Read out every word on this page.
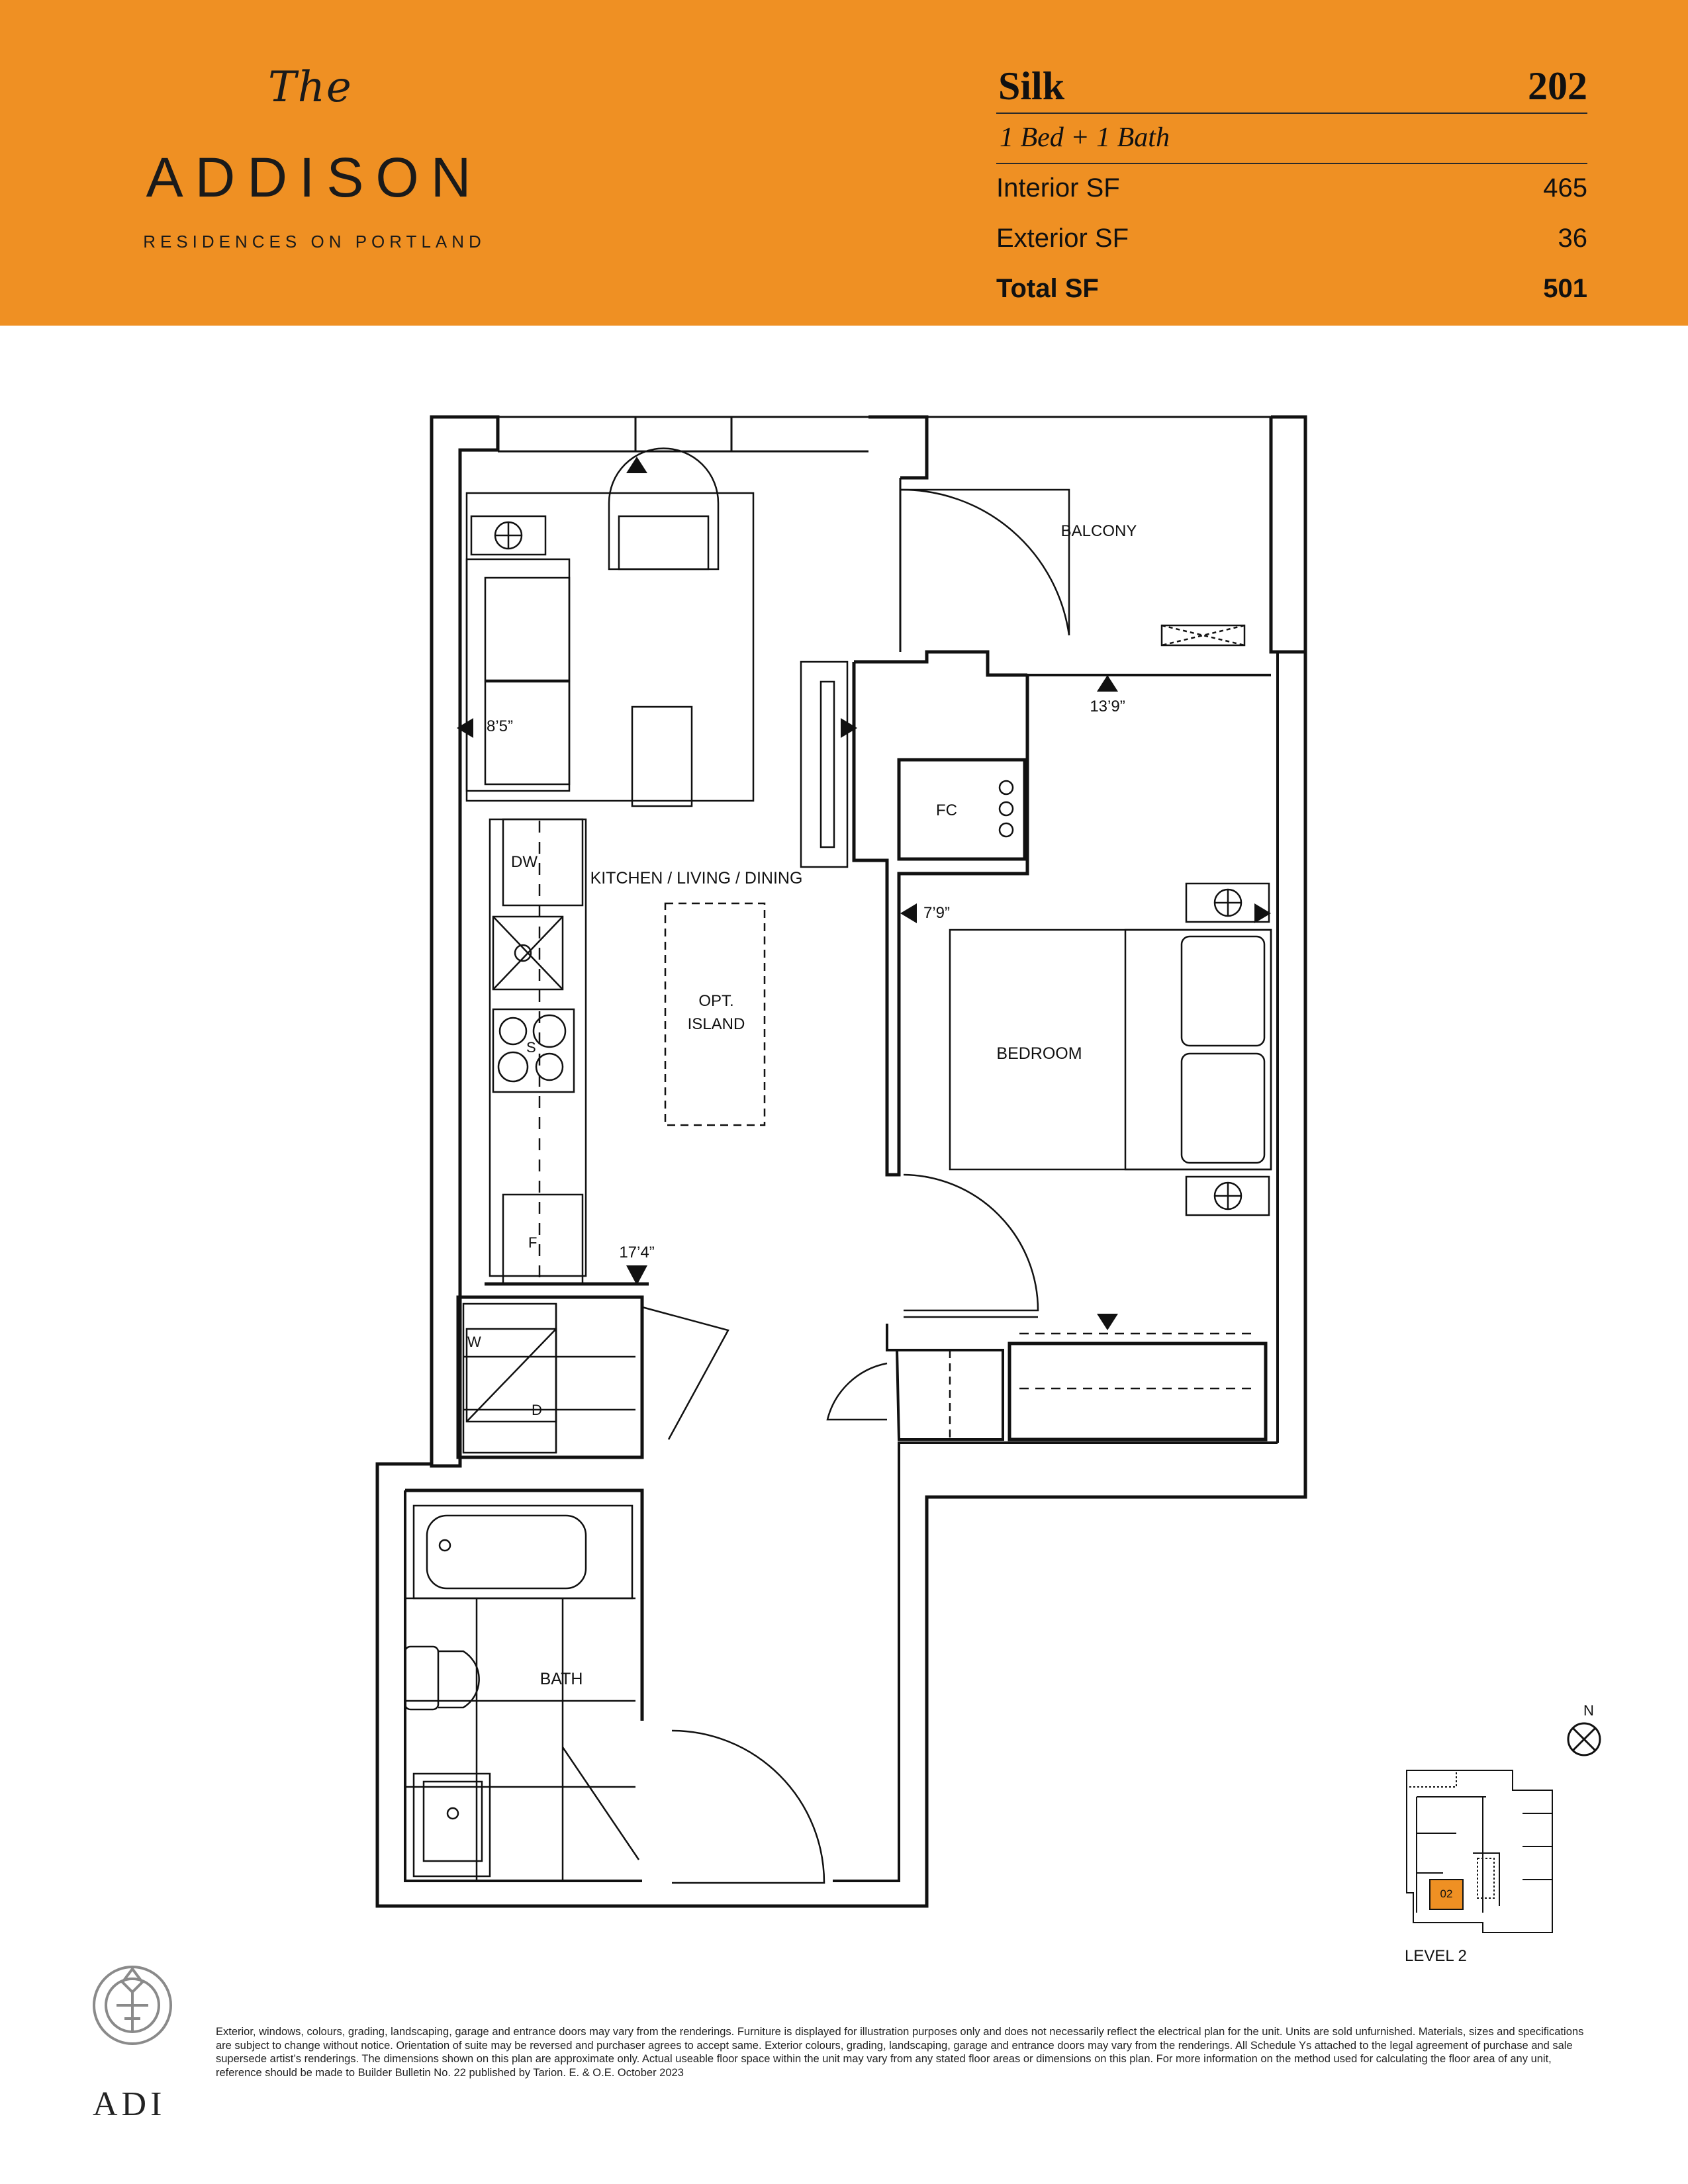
The
ADDISON
RESIDENCES ON PORTLAND
Silk	202
1 Bed + 1 Bath
Interior SF	465
Exterior SF	36
Total SF	501
BALCONY
KITCHEN / LIVING / DINING
OPT.
ISLAND
BEDROOM
BATH
8’5”
13’9”
7’9”
17’4”
DW
S
F
W
D
FC
N
02
ADI
LEVEL 2
Exterior, windows, colours, grading, landscaping, garage and entrance doors may vary from the renderings. Furniture is displayed for illustration purposes only and does not necessarily reflect the electrical plan for the unit. Units are sold unfurnished. Materials, sizes and specifications are subject to change without notice. Orientation of suite may be reversed and purchaser agrees to accept same. Exterior colours, grading, landscaping, garage and entrance doors may vary from the renderings. All Schedule Ys attached to the legal agreement of purchase and sale supersede artist’s renderings. The dimensions shown on this plan are approximate only. Actual useable floor space within the unit may vary from any stated floor areas or dimensions on this plan. For more information on the method used for calculating the floor area of any unit, reference should be made to Builder Bulletin No. 22 published by Tarion. E. & O.E. October 2023
